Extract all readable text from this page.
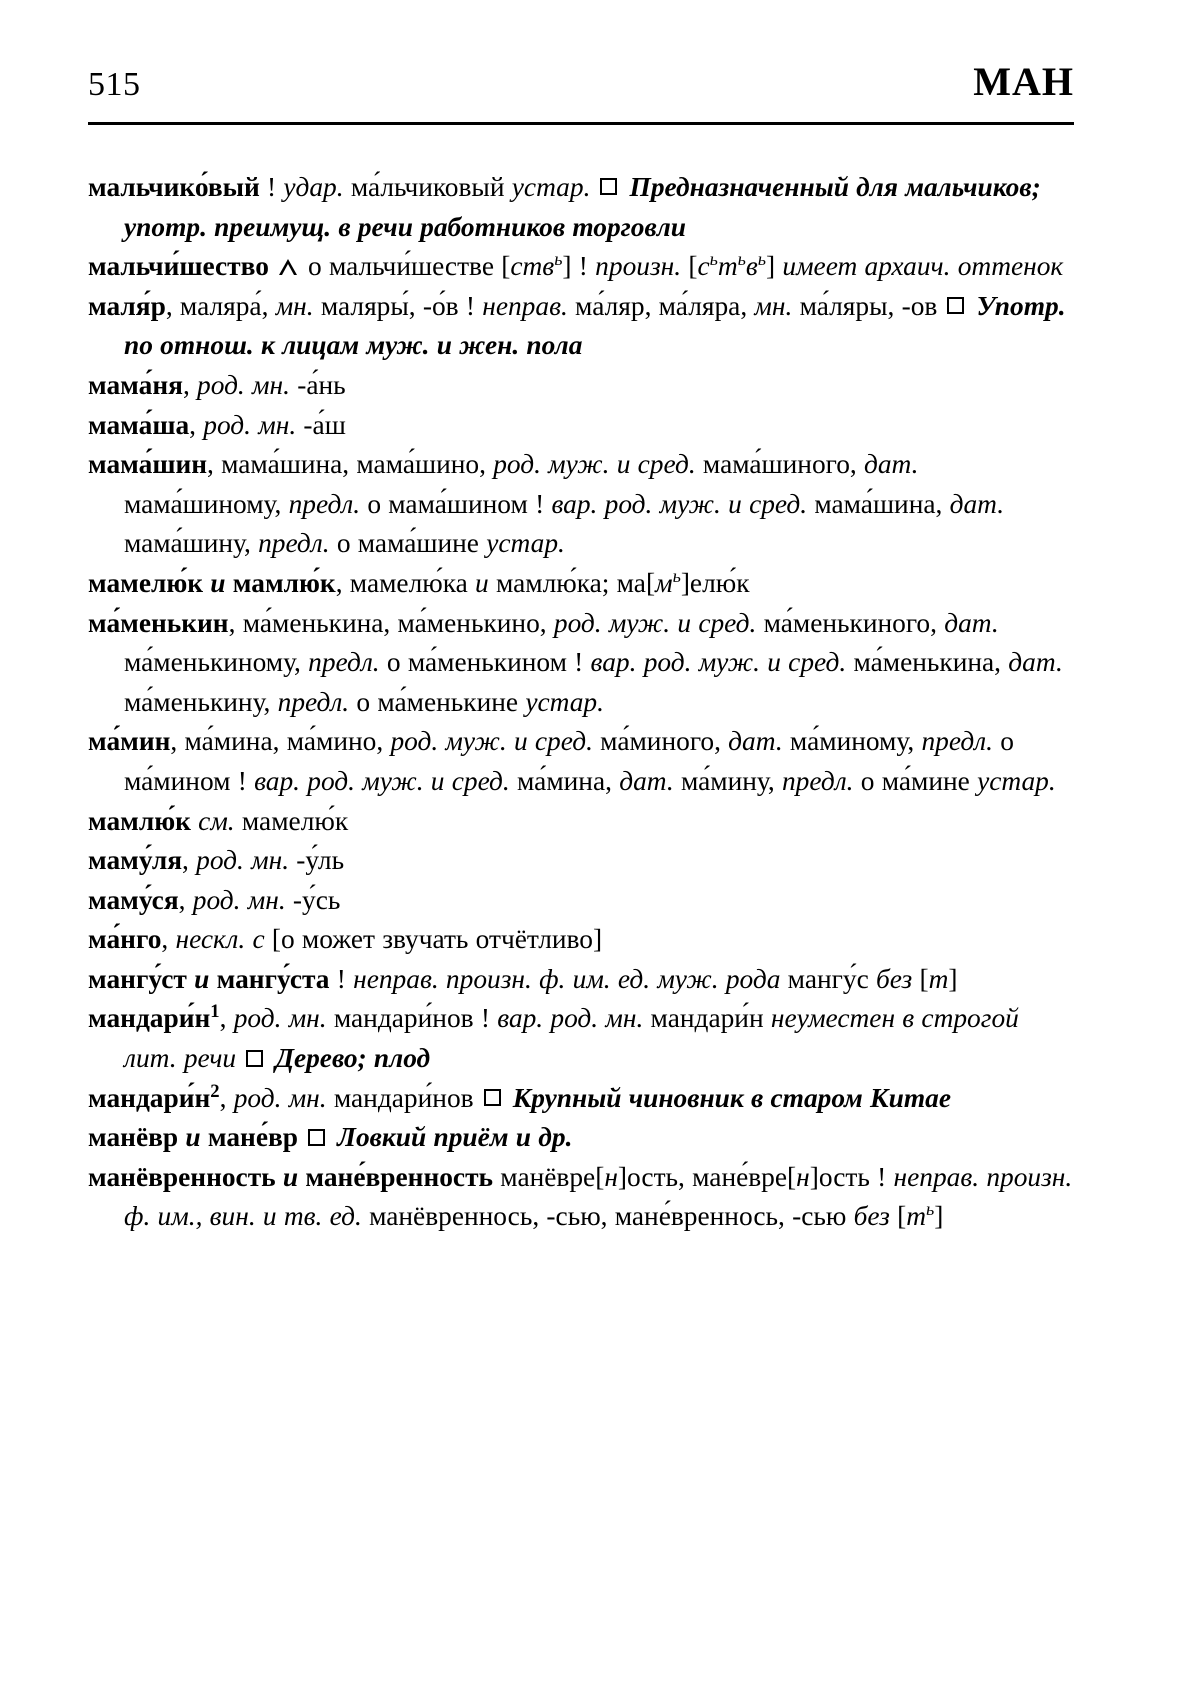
515	МАН

мальчико́вый ! удар. ма́льчиковый устар.  Предназначенный для мальчиков; употр. преимущ. в речи работников торговли

мальчи́шество  о мальчи́шестве [ств$^ь$] ! произн. $[с^ьт^ьв^ь]$ имеет архаич. оттенок

маля́р, маляра́, мн. маляры́, -о́в ! неправ. ма́ляр, ма́ляра, мн. ма́ляры, -ов  Употр. по отнош. к лицам муж. и жен. пола

мама́ня, род. мн. -а́нь

мама́ша, род. мн. -а́ш

мама́шин, мама́шина, мама́шино, род. муж. и сред. мама́шиного, дат. мама́шиному, предл. о мама́шином ! вар. род. муж. и сред. мама́шина, дат. мама́шину, предл. о мама́шине устар.

мамелю́к и мамлю́к, мамелю́ка и мамлю́ка; $ма[м^ь]елю́к$

ма́менькин, ма́менькина, ма́менькино, род. муж. и сред. ма́менькиного, дат. ма́менькиному, предл. о ма́менькином ! вар. род. муж. и сред. ма́менькина, дат. ма́менькину, предл. о ма́менькине устар.

ма́мин, ма́мина, ма́мино, род. муж. и сред. ма́миного, дат. ма́миному, предл. о ма́мином ! вар. род. муж. и сред. ма́мина, дат. ма́мину, предл. о ма́мине устар.

мамлю́к см. мамелю́к

маму́ля, род. мн. -у́ль

маму́ся, род. мн. -у́сь

ма́нго, нескл. с [о может звучать отчётливо]

мангу́ст и мангу́ста ! неправ. произн. ф. им. ед. муж. рода мангу́с без [т]

$мандари́н^1$, род. мн. мандари́нов ! вар. род. мн. мандари́н неуместен в строгой лит. речи  Дерево; плод

$мандари́н^2$, род. мн. мандари́нов  Крупный чиновник в старом Китае

манёвр и мане́вр  Ловкий приём и др.

манёвренность и мане́вренность манёвре[н]ость, мане́вре[н]ость ! неправ. произн. ф. им., вин. и тв. ед. манёвреннось, -сью, мане́вреннось, -сью без $[т^ь]$
